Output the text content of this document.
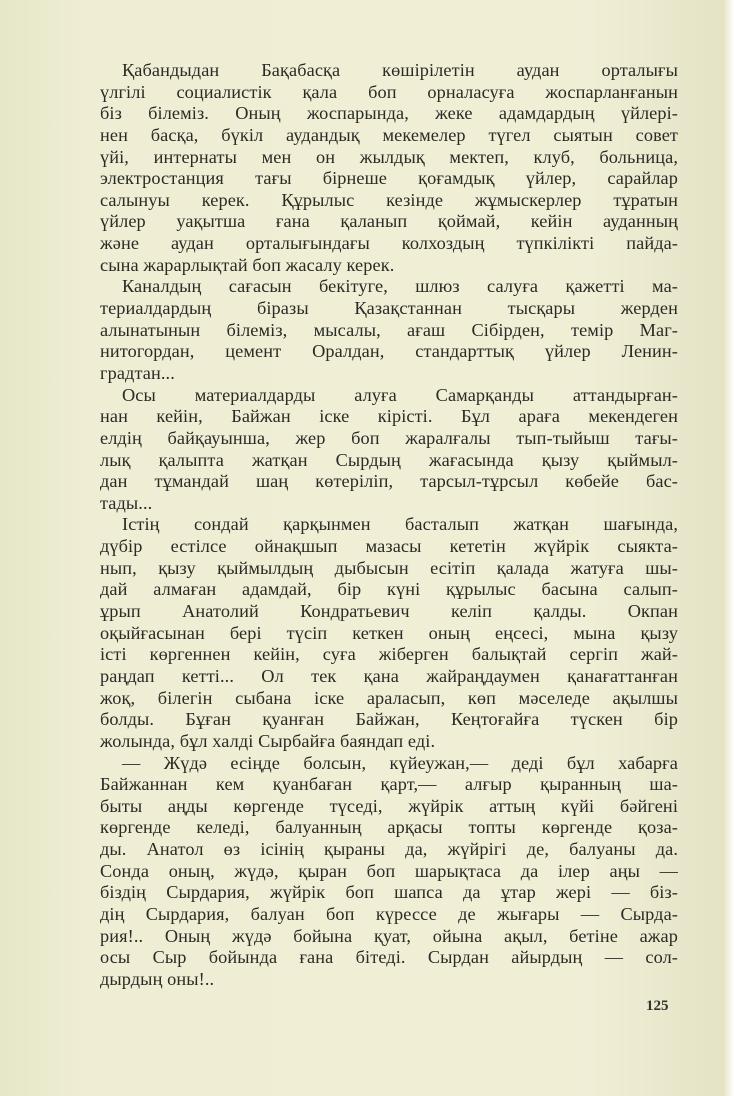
Қабандыдан Бақабасқа көшірілетін аудан орталығы
үлгілі социалистік қала боп орналасуға жоспарланғанын
біз білеміз. Оның жоспарында, жеке адамдардың үйлері-
нен басқа, бүкіл аудандық мекемелер түгел сыятын совет
үйі, интернаты мен он жылдық мектеп, клуб, больница,
электростанция тағы бірнеше қоғамдық үйлер, сарайлар
салынуы керек. Құрылыс кезінде жұмыскерлер тұратын
үйлер уақытша ғана қаланып қоймай, кейін ауданның
және аудан орталығындағы колхоздың түпкілікті пайда-
сына жарарлықтай боп жасалу керек.
Каналдың сағасын бекітуге, шлюз салуға қажетті ма-
териалдардың біразы Қазақстаннан тысқары жерден
алынатынын білеміз, мысалы, ағаш Сібірден, темір Маг-
нитогордан, цемент Оралдан, стандарттық үйлер Ленин-
градтан...
Осы материалдарды алуға Самарқанды аттандырған-
нан кейін, Байжан іске кірісті. Бұл араға мекендеген
елдің байқауынша, жер боп жаралғалы тып-тыйыш тағы-
лық қалыпта жатқан Сырдың жағасында қызу қыймыл-
дан тұмандай шаң көтеріліп, тарсыл-тұрсыл көбейе бас-
тады...
Істің сондай қарқынмен басталып жатқан шағында,
дүбір естілсе ойнақшып мазасы кететін жүйрік сыякта-
нып, қызу қыймылдың дыбысын есітіп қалада жатуға шы-
дай алмаған адамдай, бір күні құрылыс басына салып-
ұрып Анатолий Кондратьевич келіп қалды. Окпан
оқыйғасынан бері түсіп кеткен оның еңсесі, мына қызу
істі көргеннен кейін, суға жіберген балықтай сергіп жай-
раңдап кетті... Ол тек қана жайраңдаумен қанағаттанған
жоқ, білегін сыбана іске араласып, көп мәселеде ақылшы
болды. Бұған қуанған Байжан, Кеңтоғайға түскен бір
жолында, бұл халді Сырбайға баяндап еді.
— Жүдә есіңде болсын, күйеужан,— деді бұл хабарға
Байжаннан кем қуанбаған қарт,— алғыр қыранның ша-
быты аңды көргенде түседі, жүйрік аттың күйі бәйгені
көргенде келеді, балуанның арқасы топты көргенде қоза-
ды. Анатол өз ісінің қыраны да, жүйрігі де, балуаны да.
Сонда оның, жүдә, қыран боп шарықтаса да ілер аңы —
біздің Сырдария, жүйрік боп шапса да ұтар жері — біз-
дің Сырдария, балуан боп күрессе де жығары — Сырда-
рия!.. Оның жүдә бойына қуат, ойына ақыл, бетіне ажар
осы Сыр бойында ғана бітеді. Сырдан айырдың — сол-
дырдың оны!..
125
